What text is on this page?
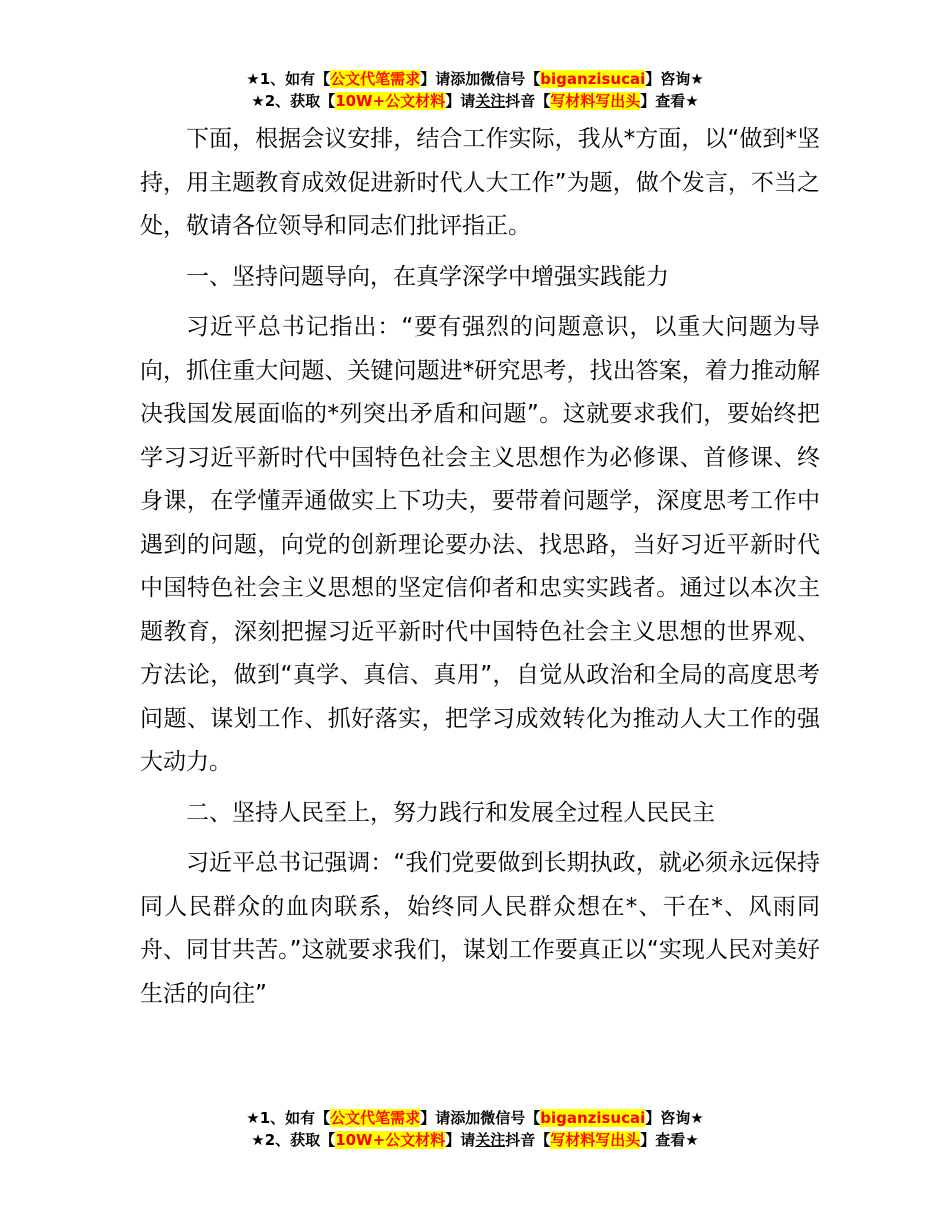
★1、如有【公文代笔需求】请添加微信号【biganzisucai】咨询★
★2、获取【10W+公文材料】请关注抖音【写材料写出头】查看★

下面，根据会议安排，结合工作实际，我从*方面，以“做到*坚持，用主题教育成效促进新时代人大工作”为题，做个发言，不当之处，敬请各位领导和同志们批评指正。

一、坚持问题导向，在真学深学中增强实践能力

习近平总书记指出：“要有强烈的问题意识，以重大问题为导向，抓住重大问题、关键问题进*研究思考，找出答案，着力推动解决我国发展面临的*列突出矛盾和问题”。这就要求我们，要始终把学习习近平新时代中国特色社会主义思想作为必修课、首修课、终身课，在学懂弄通做实上下功夫，要带着问题学，深度思考工作中遇到的问题，向党的创新理论要办法、找思路，当好习近平新时代中国特色社会主义思想的坚定信仰者和忠实实践者。通过以本次主题教育，深刻把握习近平新时代中国特色社会主义思想的世界观、方法论，做到“真学、真信、真用”，自觉从政治和全局的高度思考问题、谋划工作、抓好落实，把学习成效转化为推动人大工作的强大动力。

二、坚持人民至上，努力践行和发展全过程人民民主

习近平总书记强调：“我们党要做到长期执政，就必须永远保持同人民群众的血肉联系，始终同人民群众想在*、干在*、风雨同舟、同甘共苦。”这就要求我们，谋划工作要真正以“实现人民对美好生活的向往”

★1、如有【公文代笔需求】请添加微信号【biganzisucai】咨询★
★2、获取【10W+公文材料】请关注抖音【写材料写出头】查看★
